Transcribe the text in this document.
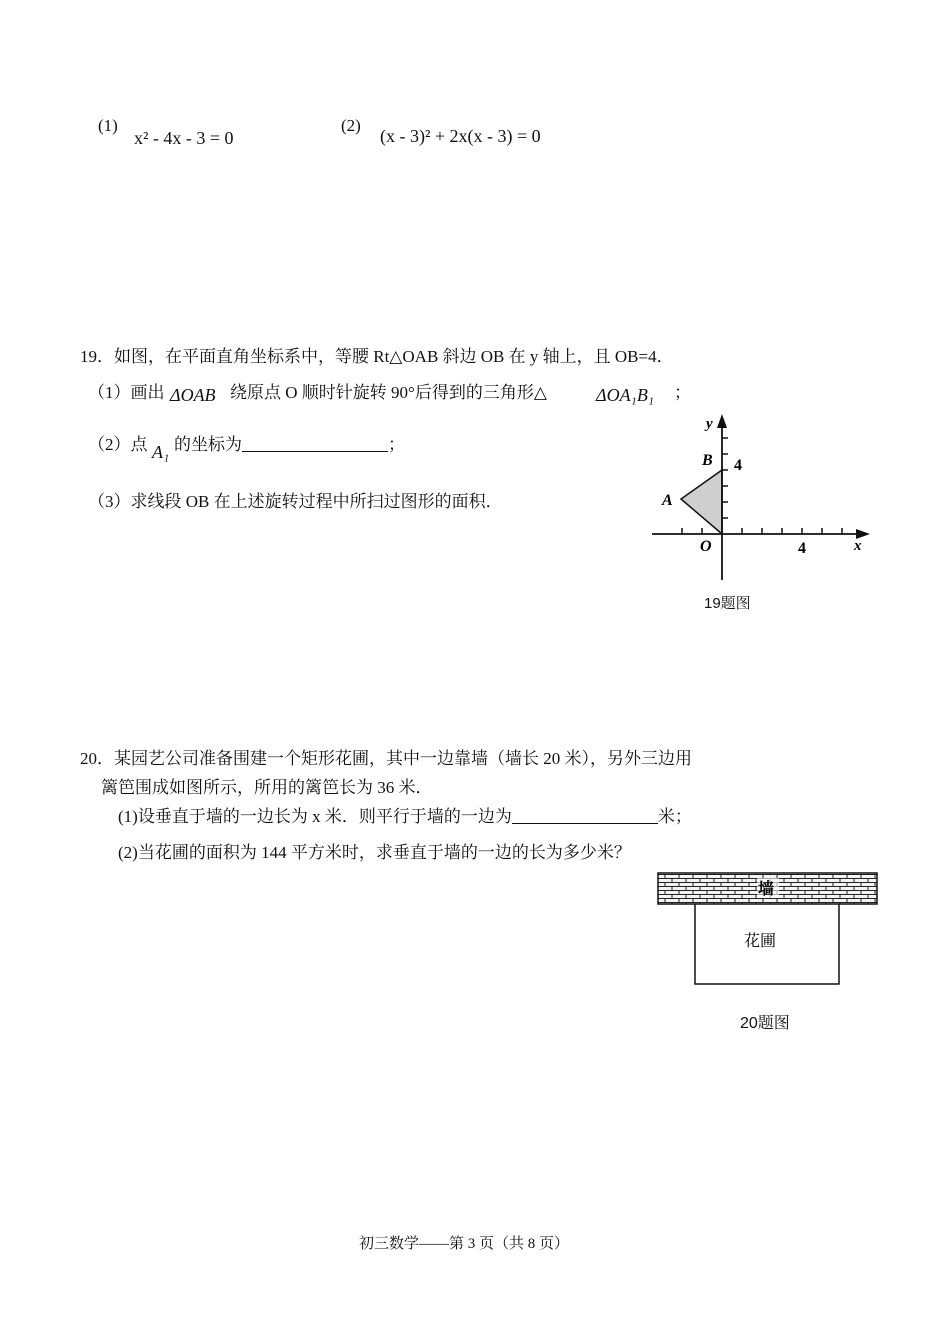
(1)
x² - 4x - 3 = 0
(2)
(x - 3)² + 2x(x - 3) = 0
19．如图，在平面直角坐标系中，等腰 Rt△OAB 斜边 OB 在 y 轴上，且 OB=4．
（1）画出 ΔOAB 绕原点 O 顺时针旋转 90°后得到的三角形△	ΔOA₁B₁ ；
（2）点 A₁ 的坐标为	；
（3）求线段 OB 在上述旋转过程中所扫过图形的面积．
y
x
B
A
O
4
4
19题图
20．某园艺公司准备围建一个矩形花圃，其中一边靠墙（墙长 20 米），另外三边用
篱笆围成如图所示，所用的篱笆长为 36 米．
(1)设垂直于墙的一边长为 x 米．则平行于墙的一边为	米；
(2)当花圃的面积为 144 平方米时，求垂直于墙的一边的长为多少米？
墙
花圃
20题图
初三数学——第 3 页（共 8 页）
